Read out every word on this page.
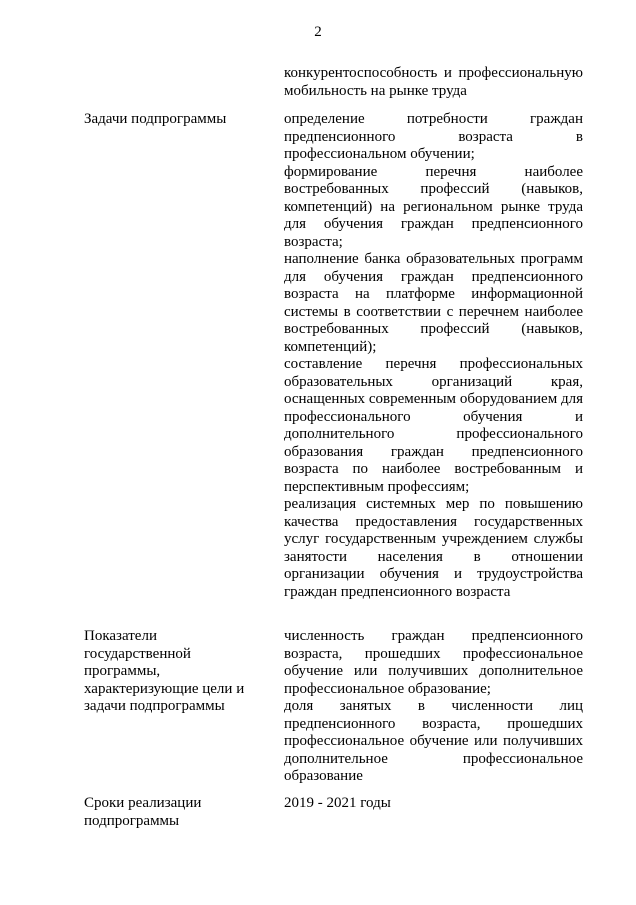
2

конкурентоспособность и профессиональную мобильность на рынке труда

Задачи подпрограммы	определение потребности граждан предпенсионного возраста в профессиональном обучении;

формирование перечня наиболее востребованных профессий (навыков, компетенций) на региональном рынке труда для обучения граждан предпенсионного возраста;

наполнение банка образовательных программ для обучения граждан предпенсионного возраста на платформе информационной системы в соответствии с перечнем наиболее востребованных профессий (навыков, компетенций);

составление перечня профессиональных образовательных организаций края, оснащенных современным оборудованием для профессионального обучения и дополнительного профессионального образования граждан предпенсионного возраста по наиболее востребованным и перспективным профессиям;

реализация системных мер по повышению качества предоставления государственных услуг государственным учреждением службы занятости населения в отношении организации обучения и трудоустройства граждан предпенсионного возраста

Показатели государственной программы, характеризующие цели и задачи подпрограммы

численность граждан предпенсионного возраста, прошедших профессиональное обучение или получивших дополнительное профессиональное образование;

доля занятых в численности лиц предпенсионного возраста, прошедших профессиональное обучение или получивших дополнительное профессиональное образование

Сроки реализации подпрограммы

2019 - 2021 годы
